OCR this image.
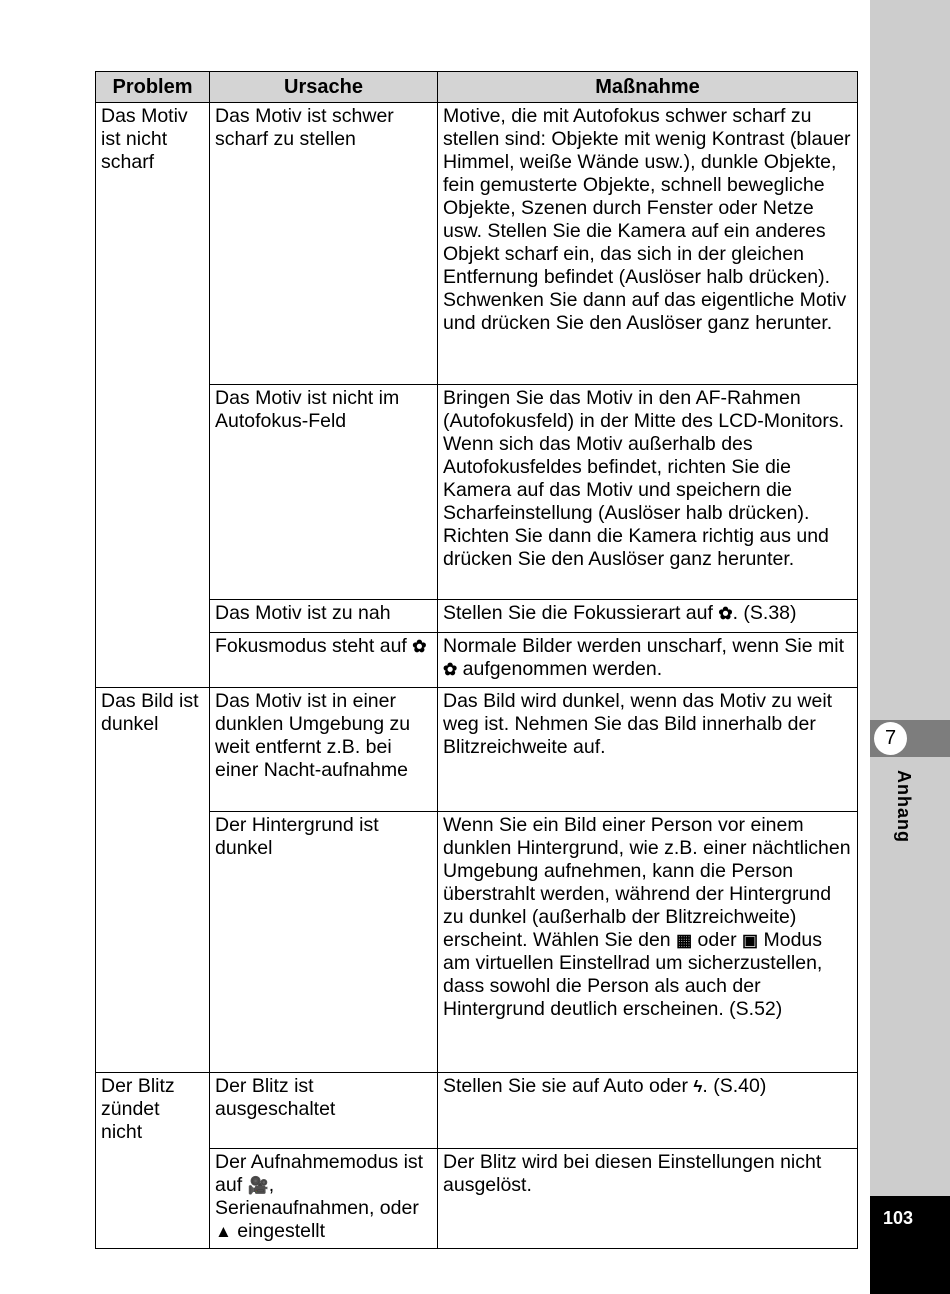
7
Anhang
103
Problem	Ursache	Maßnahme
Das Motiv ist nicht scharf	Das Motiv ist schwer scharf zu stellen	Motive, die mit Autofokus schwer scharf zu stellen sind: Objekte mit wenig Kontrast (blauer Himmel, weiße Wände usw.), dunkle Objekte, fein gemusterte Objekte, schnell bewegliche Objekte, Szenen durch Fenster oder Netze usw. Stellen Sie die Kamera auf ein anderes Objekt scharf ein, das sich in der gleichen Entfernung befindet (Auslöser halb drücken). Schwenken Sie dann auf das eigentliche Motiv und drücken Sie den Auslöser ganz herunter.
	Das Motiv ist nicht im Autofokus-Feld	Bringen Sie das Motiv in den AF-Rahmen (Autofokusfeld) in der Mitte des LCD-Monitors. Wenn sich das Motiv außerhalb des Autofokusfeldes befindet, richten Sie die Kamera auf das Motiv und speichern die Scharfeinstellung (Auslöser halb drücken). Richten Sie dann die Kamera richtig aus und drücken Sie den Auslöser ganz herunter.
	Das Motiv ist zu nah	Stellen Sie die Fokussierart auf ✿. (S.38)
	Fokusmodus steht auf ✿	Normale Bilder werden unscharf, wenn Sie mit ✿ aufgenommen werden.
Das Bild ist dunkel	Das Motiv ist in einer dunklen Umgebung zu weit entfernt z.B. bei einer Nacht-aufnahme	Das Bild wird dunkel, wenn das Motiv zu weit weg ist. Nehmen Sie das Bild innerhalb der Blitzreichweite auf.
	Der Hintergrund ist dunkel	Wenn Sie ein Bild einer Person vor einem dunklen Hintergrund, wie z.B. einer nächtlichen Umgebung aufnehmen, kann die Person überstrahlt werden, während der Hintergrund zu dunkel (außerhalb der Blitzreichweite) erscheint. Wählen Sie den ▦ oder ▣ Modus am virtuellen Einstellrad um sicherzustellen, dass sowohl die Person als auch der Hintergrund deutlich erscheinen. (S.52)
Der Blitz zündet nicht	Der Blitz ist ausgeschaltet	Stellen Sie sie auf Auto oder ϟ. (S.40)
	Der Aufnahmemodus ist auf 🎥, Serienaufnahmen, oder ▲ eingestellt	Der Blitz wird bei diesen Einstellungen nicht ausgelöst.
